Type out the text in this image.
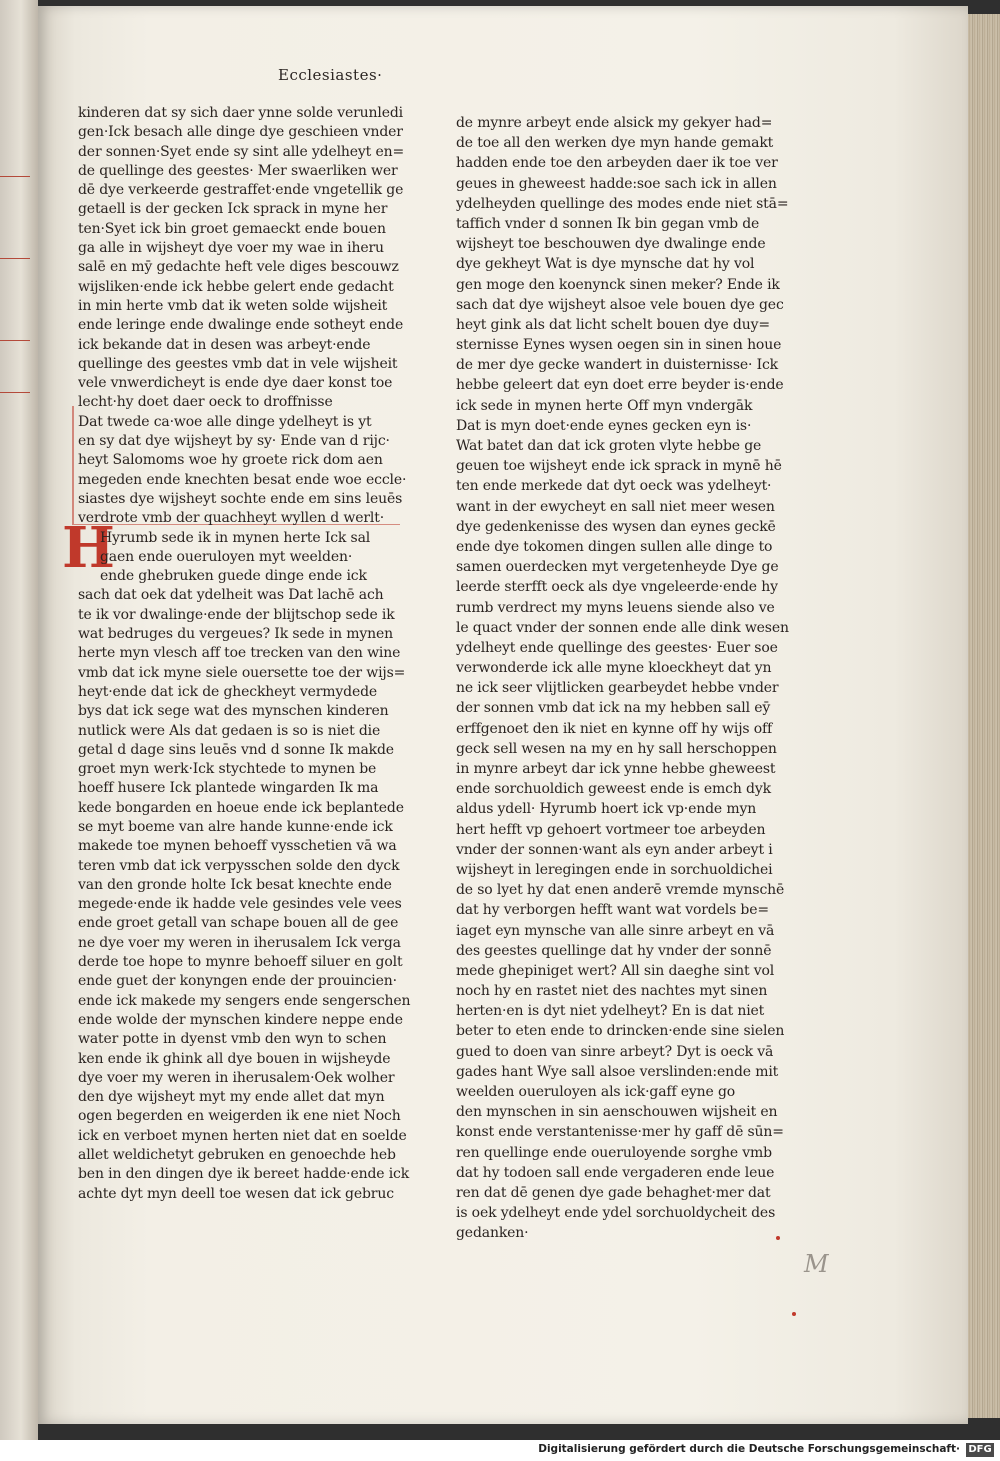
Ecclesiastes·
H
kinderen dat sy sich daer ynne solde verunledi
gen·Ick besach alle dinge dye geschieen vnder
der sonnen·Syet ende sy sint alle ydelheyt en=
de quellinge des geestes· Mer swaerliken wer
dē dye verkeerde gestraffet·ende vngetellik ge
getaell is der gecken Ick sprack in myne her
ten·Syet ick bin groet gemaeckt ende bouen
ga alle in wijsheyt dye voer my wae in iheru
salē en mȳ gedachte heft vele diges bescouwz
wijsliken·ende ick hebbe gelert ende gedacht
in min herte vmb dat ik weten solde wijsheit
ende leringe ende dwalinge ende sotheyt ende
ick bekande dat in desen was arbeyt·ende
quellinge des geestes vmb dat in vele wijsheit
vele vnwerdicheyt is ende dye daer konst toe
lecht·hy doet daer oeck to droffnisse
Dat twede ca·woe alle dinge ydelheyt is yt
en sy dat dye wijsheyt by sy· Ende van d rijc·
heyt Salomoms woe hy groete rick dom aen
megeden ende knechten besat ende woe eccle·
siastes dye wijsheyt sochte ende em sins leuēs
verdrote vmb der quachheyt wyllen d werlt·
Hyrumb sede ik in mynen herte Ick sal
gaen ende oueruloyen myt weelden·
ende ghebruken guede dinge ende ick
sach dat oek dat ydelheit was Dat lachē ach
te ik vor dwalinge·ende der blijtschop sede ik
wat bedruges du vergeues? Ik sede in mynen
herte myn vlesch aff toe trecken van den wine
vmb dat ick myne siele ouersette toe der wijs=
heyt·ende dat ick de gheckheyt vermydede
bys dat ick sege wat des mynschen kinderen
nutlick were Als dat gedaen is so is niet die
getal d dage sins leuēs vnd d sonne Ik makde
groet myn werk·Ick stychtede to mynen be
hoeff husere Ick plantede wingarden Ik ma
kede bongarden en hoeue ende ick beplantede
se myt boeme van alre hande kunne·ende ick
makede toe mynen behoeff vysschetien vā wa
teren vmb dat ick verpysschen solde den dyck
van den gronde holte Ick besat knechte ende
megede·ende ik hadde vele gesindes vele vees
ende groet getall van schape bouen all de gee
ne dye voer my weren in iherusalem Ick verga
derde toe hope to mynre behoeff siluer en golt
ende guet der konyngen ende der prouincien·
ende ick makede my sengers ende sengerschen
ende wolde der mynschen kindere neppe ende
water potte in dyenst vmb den wyn to schen
ken ende ik ghink all dye bouen in wijsheyde
dye voer my weren in iherusalem·Oek wolher
den dye wijsheyt myt my ende allet dat myn
ogen begerden en weigerden ik ene niet Noch
ick en verboet mynen herten niet dat en soelde
allet weldichetyt gebruken en genoechde heb
ben in den dingen dye ik bereet hadde·ende ick
achte dyt myn deell toe wesen dat ick gebruc
de mynre arbeyt ende alsick my gekyer had=
de toe all den werken dye myn hande gemakt
hadden ende toe den arbeyden daer ik toe ver
geues in gheweest hadde:soe sach ick in allen
ydelheyden quellinge des modes ende niet stā=
taffich vnder d sonnen Ik bin gegan vmb de
wijsheyt toe beschouwen dye dwalinge ende
dye gekheyt Wat is dye mynsche dat hy vol
gen moge den koenynck sinen meker? Ende ik
sach dat dye wijsheyt alsoe vele bouen dye gec
heyt gink als dat licht schelt bouen dye duy=
sternisse Eynes wysen oegen sin in sinen houe
de mer dye gecke wandert in duisternisse· Ick
hebbe geleert dat eyn doet erre beyder is·ende
ick sede in mynen herte Off myn vndergāk
Dat is myn doet·ende eynes gecken eyn is·
Wat batet dan dat ick groten vlyte hebbe ge
geuen toe wijsheyt ende ick sprack in mynē hē
ten ende merkede dat dyt oeck was ydelheyt·
want in der ewycheyt en sall niet meer wesen
dye gedenkenisse des wysen dan eynes geckē
ende dye tokomen dingen sullen alle dinge to
samen ouerdecken myt vergetenheyde Dye ge
leerde sterfft oeck als dye vngeleerde·ende hy
rumb verdrect my myns leuens siende also ve
le quact vnder der sonnen ende alle dink wesen
ydelheyt ende quellinge des geestes· Euer soe
verwonderde ick alle myne kloeckheyt dat yn
ne ick seer vlijtlicken gearbeydet hebbe vnder
der sonnen vmb dat ick na my hebben sall eȳ
erffgenoet den ik niet en kynne off hy wijs off
geck sell wesen na my en hy sall herschoppen
in mynre arbeyt dar ick ynne hebbe gheweest
ende sorchuoldich geweest ende is emch dyk
aldus ydell· Hyrumb hoert ick vp·ende myn
hert hefft vp gehoert vortmeer toe arbeyden
vnder der sonnen·want als eyn ander arbeyt i
wijsheyt in leregingen ende in sorchuoldichei
de so lyet hy dat enen anderē vremde mynschē
dat hy verborgen hefft want wat vordels be=
iaget eyn mynsche van alle sinre arbeyt en vā
des geestes quellinge dat hy vnder der sonnē
mede ghepiniget wert? All sin daeghe sint vol
noch hy en rastet niet des nachtes myt sinen
herten·en is dyt niet ydelheyt? En is dat niet
beter to eten ende to drincken·ende sine sielen
gued to doen van sinre arbeyt? Dyt is oeck vā
gades hant Wye sall alsoe verslinden:ende mit
weelden oueruloyen als ick·gaff eyne go
den mynschen in sin aenschouwen wijsheit en
konst ende verstantenisse·mer hy gaff dē sūn=
ren quellinge ende oueruloyende sorghe vmb
dat hy todoen sall ende vergaderen ende leue
ren dat dē genen dye gade behaghet·mer dat
is oek ydelheyt ende ydel sorchuoldycheit des
gedanken·
M
Digitalisierung gefördert durch die Deutsche Forschungsgemeinschaft· DFG
